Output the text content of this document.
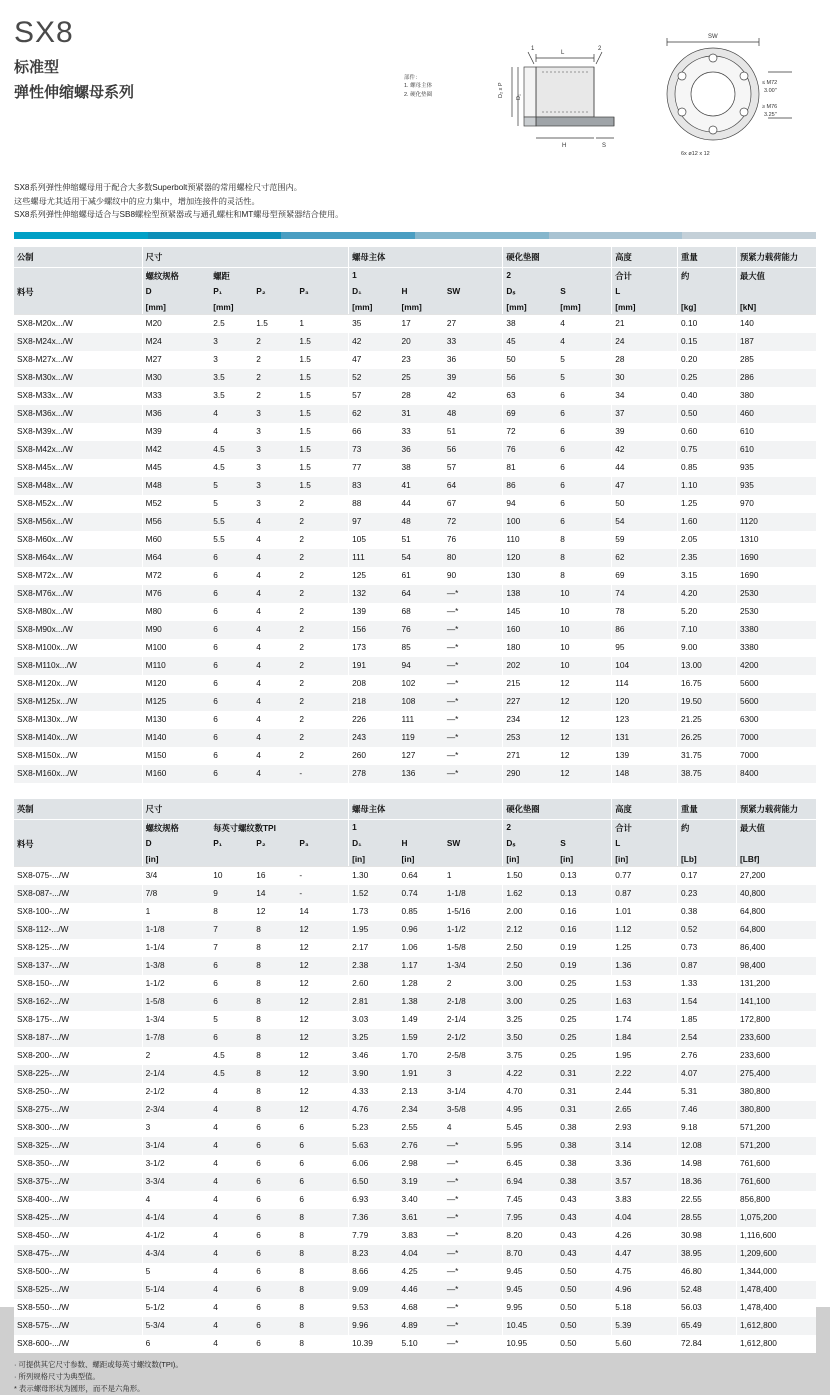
SX8
标准型
弹性伸缩螺母系列
部件：
1. 螺母主体
2. 硬化垫圈
L
1	2
D₂ x P D₁
H	S
SW
≤ M72
3.00"
≥ M76
3.25"
6x ø12 x 12
SX8系列弹性伸缩螺母用于配合大多数Superbolt预紧器的常用螺栓尺寸范围内。
这些螺母尤其适用于减少螺纹中的应力集中，增加连接件的灵活性。
SX8系列弹性伸缩螺母适合与SB8螺栓型预紧器或与通孔螺柱和MT螺母型预紧器结合使用。
公制	尺寸				螺母主体			硬化垫圈		高度	重量	预紧力载荷能力
	螺纹规格	螺距			1			2		合计	约	最大值
料号	D	P₁	P₂	P₃	D₁	H	SW	Dₛ	S	L		
	[mm]	[mm]			[mm]	[mm]		[mm]	[mm]	[mm]	[kg]	[kN]
SX8-M20x.../W	M20	2.5	1.5	1	35	17	27	38	4	21	0.10	140
SX8-M24x.../W	M24	3	2	1.5	42	20	33	45	4	24	0.15	187
SX8-M27x.../W	M27	3	2	1.5	47	23	36	50	5	28	0.20	285
SX8-M30x.../W	M30	3.5	2	1.5	52	25	39	56	5	30	0.25	286
SX8-M33x.../W	M33	3.5	2	1.5	57	28	42	63	6	34	0.40	380
SX8-M36x.../W	M36	4	3	1.5	62	31	48	69	6	37	0.50	460
SX8-M39x.../W	M39	4	3	1.5	66	33	51	72	6	39	0.60	610
SX8-M42x.../W	M42	4.5	3	1.5	73	36	56	76	6	42	0.75	610
SX8-M45x.../W	M45	4.5	3	1.5	77	38	57	81	6	44	0.85	935
SX8-M48x.../W	M48	5	3	1.5	83	41	64	86	6	47	1.10	935
SX8-M52x.../W	M52	5	3	2	88	44	67	94	6	50	1.25	970
SX8-M56x.../W	M56	5.5	4	2	97	48	72	100	6	54	1.60	1120
SX8-M60x.../W	M60	5.5	4	2	105	51	76	110	8	59	2.05	1310
SX8-M64x.../W	M64	6	4	2	111	54	80	120	8	62	2.35	1690
SX8-M72x.../W	M72	6	4	2	125	61	90	130	8	69	3.15	1690
SX8-M76x.../W	M76	6	4	2	132	64	—*	138	10	74	4.20	2530
SX8-M80x.../W	M80	6	4	2	139	68	—*	145	10	78	5.20	2530
SX8-M90x.../W	M90	6	4	2	156	76	—*	160	10	86	7.10	3380
SX8-M100x.../W	M100	6	4	2	173	85	—*	180	10	95	9.00	3380
SX8-M110x.../W	M110	6	4	2	191	94	—*	202	10	104	13.00	4200
SX8-M120x.../W	M120	6	4	2	208	102	—*	215	12	114	16.75	5600
SX8-M125x.../W	M125	6	4	2	218	108	—*	227	12	120	19.50	5600
SX8-M130x.../W	M130	6	4	2	226	111	—*	234	12	123	21.25	6300
SX8-M140x.../W	M140	6	4	2	243	119	—*	253	12	131	26.25	7000
SX8-M150x.../W	M150	6	4	2	260	127	—*	271	12	139	31.75	7000
SX8-M160x.../W	M160	6	4	-	278	136	—*	290	12	148	38.75	8400
英制	尺寸				螺母主体			硬化垫圈		高度	重量	预紧力载荷能力
	螺纹规格	每英寸螺纹数TPI			1			2		合计	约	最大值
料号	D	P₁	P₂	P₃	D₁	H	SW	Dₛ	S	L		
	[in]				[in]	[in]		[in]	[in]	[in]	[Lb]	[LBf]
SX8-075-.../W	3/4	10	16	-	1.30	0.64	1	1.50	0.13	0.77	0.17	27,200
SX8-087-.../W	7/8	9	14	-	1.52	0.74	1-1/8	1.62	0.13	0.87	0.23	40,800
SX8-100-.../W	1	8	12	14	1.73	0.85	1-5/16	2.00	0.16	1.01	0.38	64,800
SX8-112-.../W	1-1/8	7	8	12	1.95	0.96	1-1/2	2.12	0.16	1.12	0.52	64,800
SX8-125-.../W	1-1/4	7	8	12	2.17	1.06	1-5/8	2.50	0.19	1.25	0.73	86,400
SX8-137-.../W	1-3/8	6	8	12	2.38	1.17	1-3/4	2.50	0.19	1.36	0.87	98,400
SX8-150-.../W	1-1/2	6	8	12	2.60	1.28	2	3.00	0.25	1.53	1.33	131,200
SX8-162-.../W	1-5/8	6	8	12	2.81	1.38	2-1/8	3.00	0.25	1.63	1.54	141,100
SX8-175-.../W	1-3/4	5	8	12	3.03	1.49	2-1/4	3.25	0.25	1.74	1.85	172,800
SX8-187-.../W	1-7/8	6	8	12	3.25	1.59	2-1/2	3.50	0.25	1.84	2.54	233,600
SX8-200-.../W	2	4.5	8	12	3.46	1.70	2-5/8	3.75	0.25	1.95	2.76	233,600
SX8-225-.../W	2-1/4	4.5	8	12	3.90	1.91	3	4.22	0.31	2.22	4.07	275,400
SX8-250-.../W	2-1/2	4	8	12	4.33	2.13	3-1/4	4.70	0.31	2.44	5.31	380,800
SX8-275-.../W	2-3/4	4	8	12	4.76	2.34	3-5/8	4.95	0.31	2.65	7.46	380,800
SX8-300-.../W	3	4	6	6	5.23	2.55	4	5.45	0.38	2.93	9.18	571,200
SX8-325-.../W	3-1/4	4	6	6	5.63	2.76	—*	5.95	0.38	3.14	12.08	571,200
SX8-350-.../W	3-1/2	4	6	6	6.06	2.98	—*	6.45	0.38	3.36	14.98	761,600
SX8-375-.../W	3-3/4	4	6	6	6.50	3.19	—*	6.94	0.38	3.57	18.36	761,600
SX8-400-.../W	4	4	6	6	6.93	3.40	—*	7.45	0.43	3.83	22.55	856,800
SX8-425-.../W	4-1/4	4	6	8	7.36	3.61	—*	7.95	0.43	4.04	28.55	1,075,200
SX8-450-.../W	4-1/2	4	6	8	7.79	3.83	—*	8.20	0.43	4.26	30.98	1,116,600
SX8-475-.../W	4-3/4	4	6	8	8.23	4.04	—*	8.70	0.43	4.47	38.95	1,209,600
SX8-500-.../W	5	4	6	8	8.66	4.25	—*	9.45	0.50	4.75	46.80	1,344,000
SX8-525-.../W	5-1/4	4	6	8	9.09	4.46	—*	9.45	0.50	4.96	52.48	1,478,400
SX8-550-.../W	5-1/2	4	6	8	9.53	4.68	—*	9.95	0.50	5.18	56.03	1,478,400
SX8-575-.../W	5-3/4	4	6	8	9.96	4.89	—*	10.45	0.50	5.39	65.49	1,612,800
SX8-600-.../W	6	4	6	8	10.39	5.10	—*	10.95	0.50	5.60	72.84	1,612,800
· 可提供其它尺寸参数、螺距或每英寸螺纹数(TPI)。
· 所列规格尺寸为典型值。
* 表示螺母形状为圆形，而不是六角形。
